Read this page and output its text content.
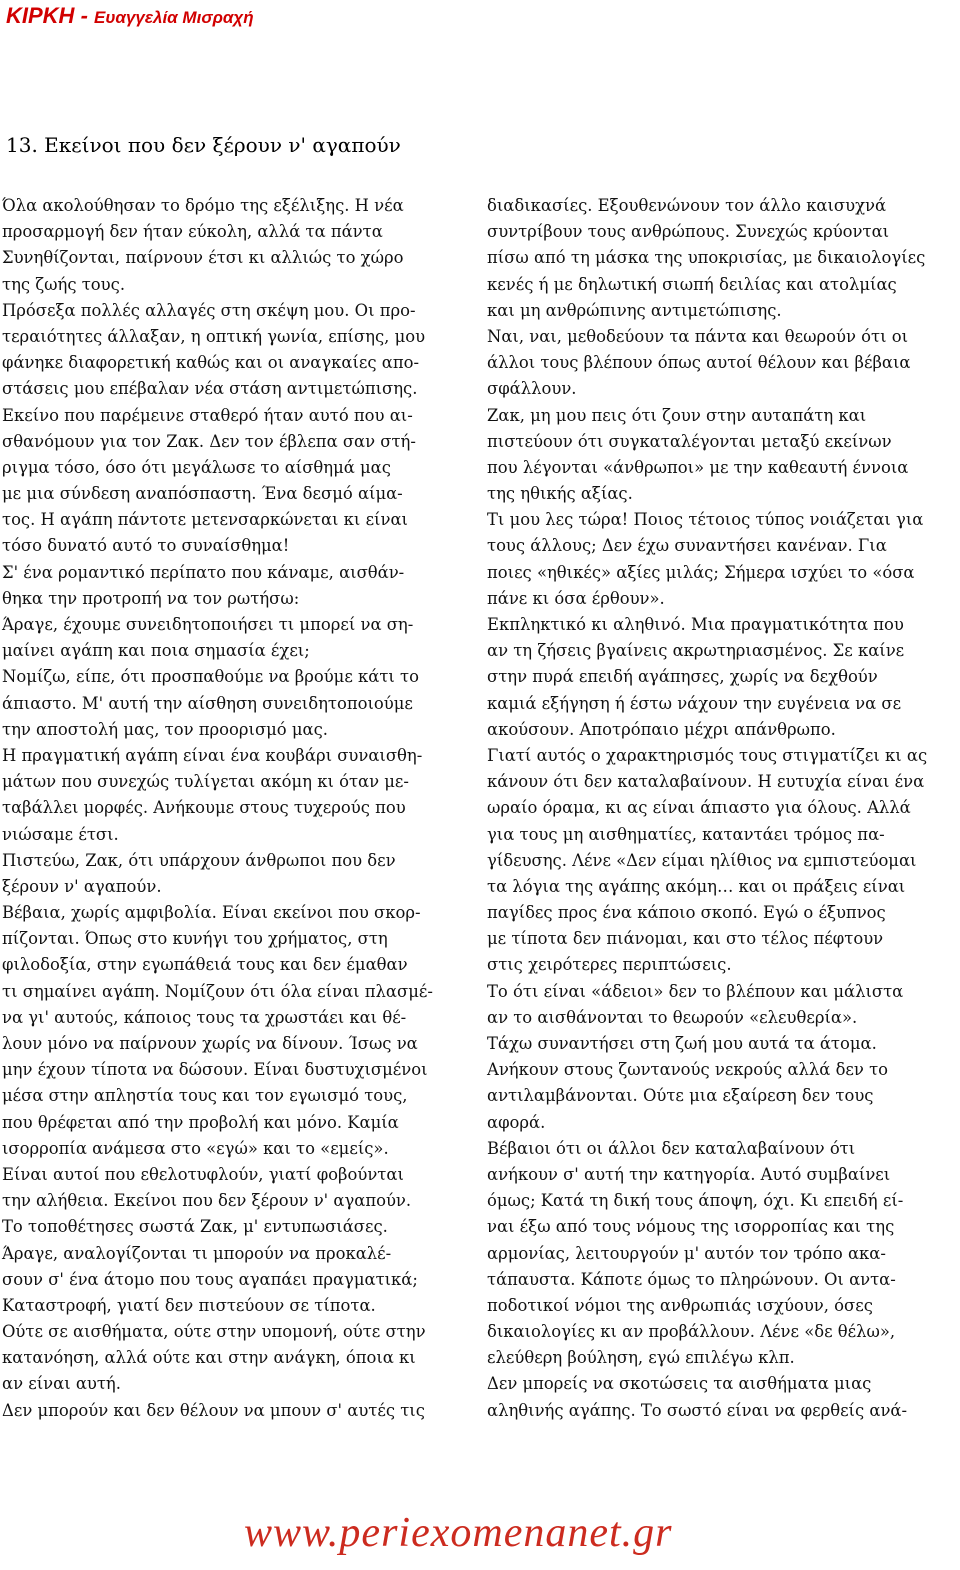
ΚΙΡΚΗ - Ευαγγελία Μισραχή
13. Εκείνοι που δεν ξέρουν ν' αγαπούν
Όλα ακολούθησαν το δρόμο της εξέλιξης. Η νέα
προσαρμογή δεν ήταν εύκολη, αλλά τα πάντα
Συνηθίζονται, παίρνουν έτσι κι αλλιώς το χώρο
της ζωής τους.
Πρόσεξα πολλές αλλαγές στη σκέψη μου. Οι προ-
τεραιότητες άλλαξαν, η οπτική γωνία, επίσης, μου
φάνηκε διαφορετική καθώς και οι αναγκαίες απο-
στάσεις μου επέβαλαν νέα στάση αντιμετώπισης.
Εκείνο που παρέμεινε σταθερό ήταν αυτό που αι-
σθανόμουν για τον Ζακ. Δεν τον έβλεπα σαν στή-
ριγμα τόσο, όσο ότι μεγάλωσε το αίσθημά μας
με μια σύνδεση αναπόσπαστη. Ένα δεσμό αίμα-
τος. Η αγάπη πάντοτε μετενσαρκώνεται κι είναι
τόσο δυνατό αυτό το συναίσθημα!
Σ' ένα ρομαντικό περίπατο που κάναμε, αισθάν-
θηκα την προτροπή να τον ρωτήσω:
Άραγε, έχουμε συνειδητοποιήσει τι μπορεί να ση-
μαίνει αγάπη και ποια σημασία έχει;
Νομίζω, είπε, ότι προσπαθούμε να βρούμε κάτι το
άπιαστο. Μ' αυτή την αίσθηση συνειδητοποιούμε
την αποστολή μας, τον προορισμό μας.
Η πραγματική αγάπη είναι ένα κουβάρι συναισθη-
μάτων που συνεχώς τυλίγεται ακόμη κι όταν με-
ταβάλλει μορφές. Ανήκουμε στους τυχερούς που
νιώσαμε έτσι.
Πιστεύω, Ζακ, ότι υπάρχουν άνθρωποι που δεν
ξέρουν ν' αγαπούν.
Βέβαια, χωρίς αμφιβολία. Είναι εκείνοι που σκορ-
πίζονται. Όπως στο κυνήγι του χρήματος, στη
φιλοδοξία, στην εγωπάθειά τους και δεν έμαθαν
τι σημαίνει αγάπη. Νομίζουν ότι όλα είναι πλασμέ-
να γι' αυτούς, κάποιος τους τα χρωστάει και θέ-
λουν μόνο να παίρνουν χωρίς να δίνουν. Ίσως να
μην έχουν τίποτα να δώσουν. Είναι δυστυχισμένοι
μέσα στην απληστία τους και τον εγωισμό τους,
που θρέφεται από την προβολή και μόνο. Καμία
ισορροπία ανάμεσα στο «εγώ» και το «εμείς».
Είναι αυτοί που εθελοτυφλούν, γιατί φοβούνται
την αλήθεια. Εκείνοι που δεν ξέρουν ν' αγαπούν.
Το τοποθέτησες σωστά Ζακ, μ' εντυπωσιάσες.
Άραγε, αναλογίζονται τι μπορούν να προκαλέ-
σουν σ' ένα άτομο που τους αγαπάει πραγματικά;
Καταστροφή, γιατί δεν πιστεύουν σε τίποτα.
Ούτε σε αισθήματα, ούτε στην υπομονή, ούτε στην
κατανόηση, αλλά ούτε και στην ανάγκη, όποια κι
αν είναι αυτή.
Δεν μπορούν και δεν θέλουν να μπουν σ' αυτές τις
διαδικασίες. Εξουθενώνουν τον άλλο καισυχνά
συντρίβουν τους ανθρώπους. Συνεχώς κρύονται
πίσω από τη μάσκα της υποκρισίας, με δικαιολογίες
κενές ή με δηλωτική σιωπή δειλίας και ατολμίας
και μη ανθρώπινης αντιμετώπισης.
Ναι, ναι, μεθοδεύουν τα πάντα και θεωρούν ότι οι
άλλοι τους βλέπουν όπως αυτοί θέλουν και βέβαια
σφάλλουν.
Ζακ, μη μου πεις ότι ζουν στην αυταπάτη και
πιστεύουν ότι συγκαταλέγονται μεταξύ εκείνων
που λέγονται «άνθρωποι» με την καθεαυτή έννοια
της ηθικής αξίας.
Τι μου λες τώρα! Ποιος τέτοιος τύπος νοιάζεται για
τους άλλους; Δεν έχω συναντήσει κανέναν. Για
ποιες «ηθικές» αξίες μιλάς; Σήμερα ισχύει το «όσα
πάνε κι όσα έρθουν».
Εκπληκτικό κι αληθινό. Μια πραγματικότητα που
αν τη ζήσεις βγαίνεις ακρωτηριασμένος. Σε καίνε
στην πυρά επειδή αγάπησες, χωρίς να δεχθούν
καμιά εξήγηση ή έστω νάχουν την ευγένεια να σε
ακούσουν. Αποτρόπαιο μέχρι απάνθρωπο.
Γιατί αυτός ο χαρακτηρισμός τους στιγματίζει κι ας
κάνουν ότι δεν καταλαβαίνουν. Η ευτυχία είναι ένα
ωραίο όραμα, κι ας είναι άπιαστο για όλους. Αλλά
για τους μη αισθηματίες, καταντάει τρόμος πα-
γίδευσης. Λένε «Δεν είμαι ηλίθιος να εμπιστεύομαι
τα λόγια της αγάπης ακόμη… και οι πράξεις είναι
παγίδες προς ένα κάποιο σκοπό. Εγώ ο έξυπνος
με τίποτα δεν πιάνομαι, και στο τέλος πέφτουν
στις χειρότερες περιπτώσεις.
Το ότι είναι «άδειοι» δεν το βλέπουν και μάλιστα
αν το αισθάνονται το θεωρούν «ελευθερία».
Τάχω συναντήσει στη ζωή μου αυτά τα άτομα.
Ανήκουν στους ζωντανούς νεκρούς αλλά δεν το
αντιλαμβάνονται. Ούτε μια εξαίρεση δεν τους
αφορά.
Βέβαιοι ότι οι άλλοι δεν καταλαβαίνουν ότι
ανήκουν σ' αυτή την κατηγορία. Αυτό συμβαίνει
όμως; Κατά τη δική τους άποψη, όχι. Κι επειδή εί-
ναι έξω από τους νόμους της ισορροπίας και της
αρμονίας, λειτουργούν μ' αυτόν τον τρόπο ακα-
τάπαυστα. Κάποτε όμως το πληρώνουν. Οι αντα-
ποδοτικοί νόμοι της ανθρωπιάς ισχύουν, όσες
δικαιολογίες κι αν προβάλλουν. Λένε «δε θέλω»,
ελεύθερη βούληση, εγώ επιλέγω κλπ.
Δεν μπορείς να σκοτώσεις τα αισθήματα μιας
αληθινής αγάπης. Το σωστό είναι να φερθείς ανά-
www.periexomenanet.gr
